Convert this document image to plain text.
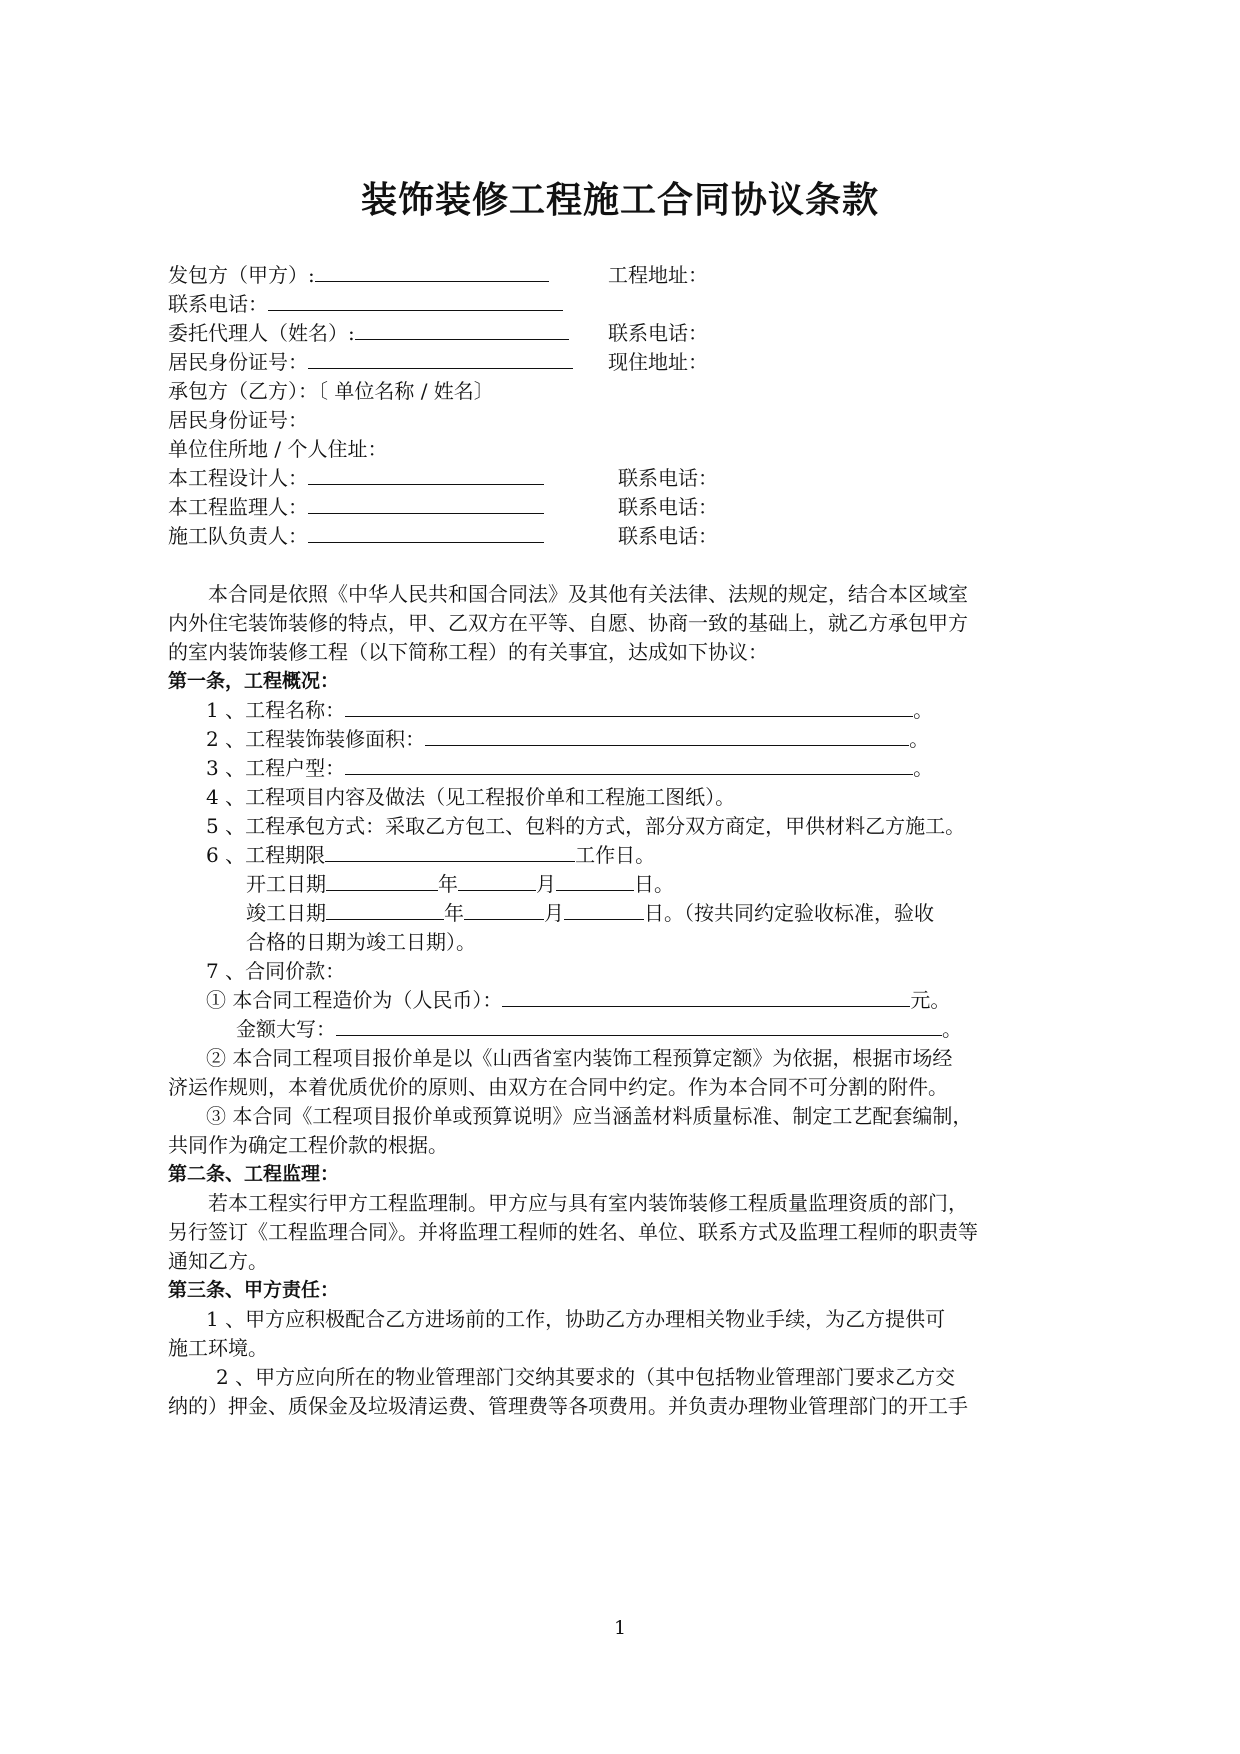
装饰装修工程施工合同协议条款
发包方（甲方）:	工程地址：
联系电话：
委托代理人（姓名）:	联系电话：
居民身份证号：	现住地址：
承包方（乙方）：〔 单位名称 / 姓名〕
居民身份证号：
单位住所地 / 个人住址：
本工程设计人：	联系电话：
本工程监理人：	联系电话：
施工队负责人：	联系电话：
本合同是依照《中华人民共和国合同法》及其他有关法律、法规的规定，结合本区域室
内外住宅装饰装修的特点，甲、乙双方在平等、自愿、协商一致的基础上，就乙方承包甲方
的室内装饰装修工程（以下简称工程）的有关事宜，达成如下协议：
第一条，工程概况：
1 、工程名称：	。
2 、工程装饰装修面积：	。
3 、工程户型：	。
4 、工程项目内容及做法（见工程报价单和工程施工图纸）。
5 、工程承包方式：采取乙方包工、包料的方式，部分双方商定，甲供材料乙方施工。
6 、工程期限	工作日。
开工日期	年	月	日。
竣工日期	年	月	日。（按共同约定验收标准，验收
合格的日期为竣工日期）。
7 、合同价款：
① 本合同工程造价为（人民币）：	元。
金额大写：	。
② 本合同工程项目报价单是以《山西省室内装饰工程预算定额》为依据，根据市场经
济运作规则，本着优质优价的原则、由双方在合同中约定。作为本合同不可分割的附件。
③ 本合同《工程项目报价单或预算说明》应当涵盖材料质量标准、制定工艺配套编制，
共同作为确定工程价款的根据。
第二条、工程监理：
若本工程实行甲方工程监理制。甲方应与具有室内装饰装修工程质量监理资质的部门，
另行签订《工程监理合同》。并将监理工程师的姓名、单位、联系方式及监理工程师的职责等
通知乙方。
第三条、甲方责任：
1 、甲方应积极配合乙方进场前的工作，协助乙方办理相关物业手续，为乙方提供可
施工环境。
2 、甲方应向所在的物业管理部门交纳其要求的（其中包括物业管理部门要求乙方交
纳的）押金、质保金及垃圾清运费、管理费等各项费用。并负责办理物业管理部门的开工手
1
